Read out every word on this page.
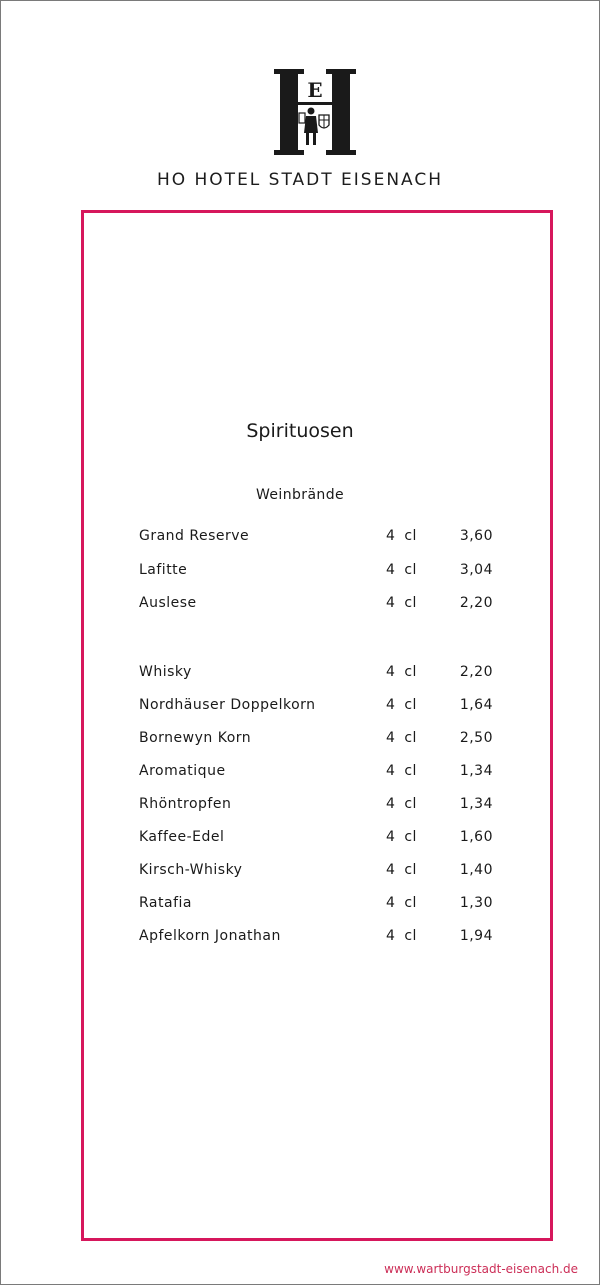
E
HO HOTEL STADT EISENACH
Spirituosen
Weinbrände
Grand Reserve	4 cl	3,60
Lafitte	4 cl	3,04
Auslese	4 cl	2,20
Whisky	4 cl	2,20
Nordhäuser Doppelkorn	4 cl	1,64
Bornewyn Korn	4 cl	2,50
Aromatique	4 cl	1,34
Rhöntropfen	4 cl	1,34
Kaffee-Edel	4 cl	1,60
Kirsch-Whisky	4 cl	1,40
Ratafia	4 cl	1,30
Apfelkorn Jonathan	4 cl	1,94
www.wartburgstadt-eisenach.de
